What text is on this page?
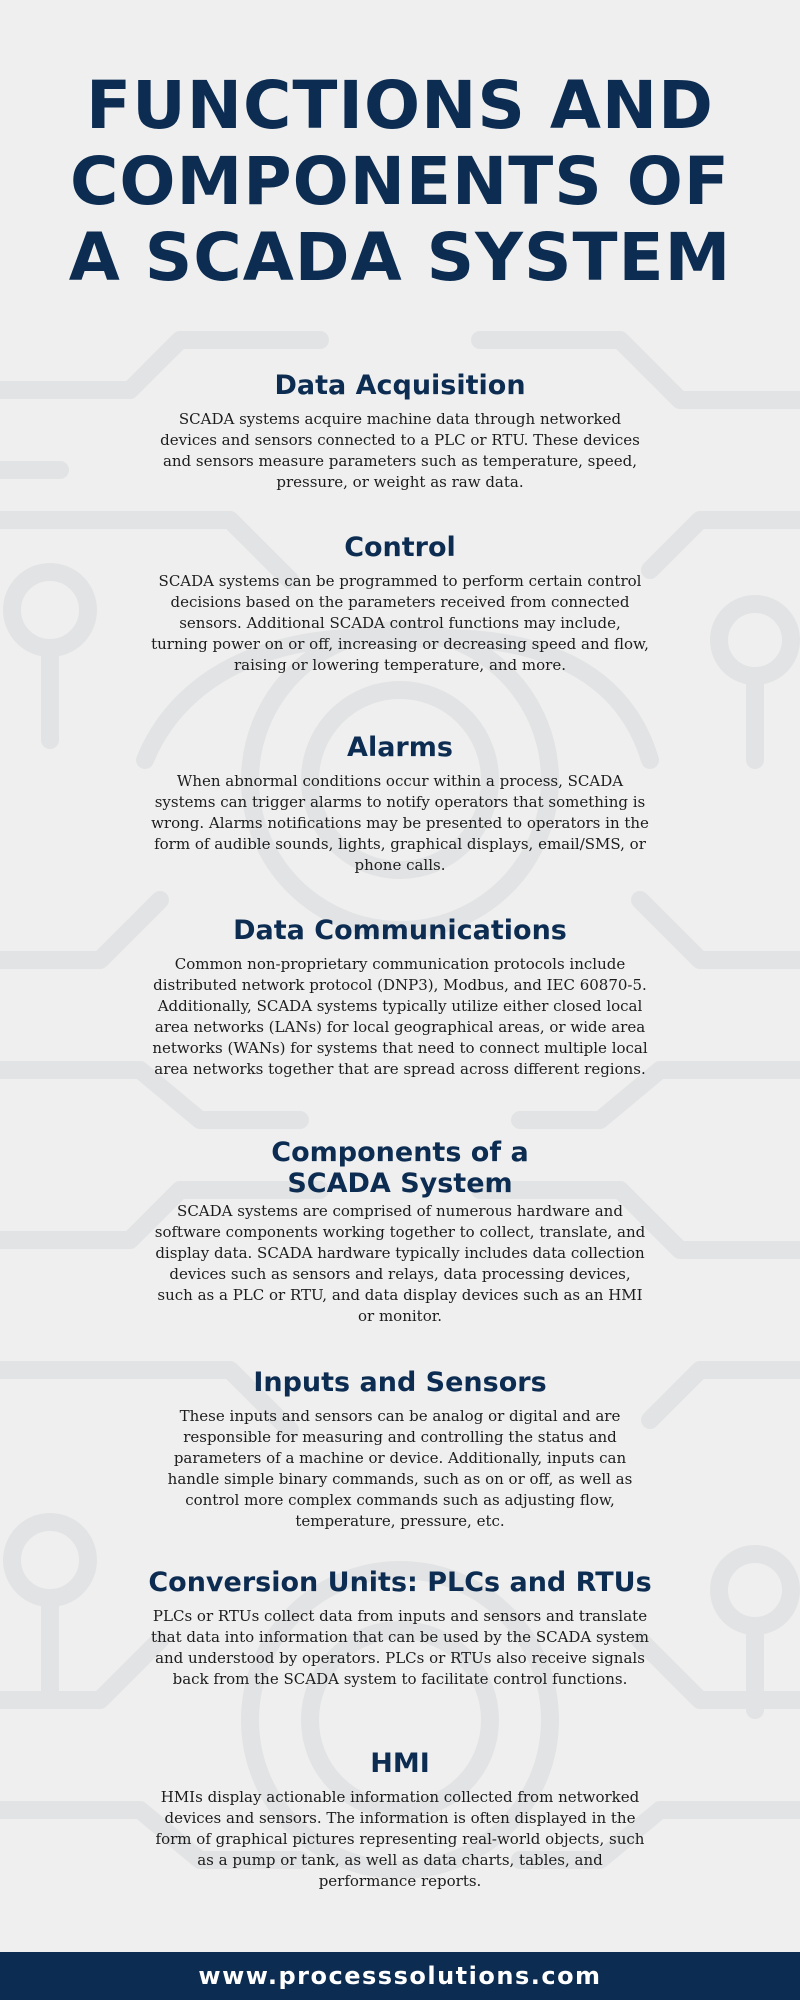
FUNCTIONS AND COMPONENTS OF A SCADA SYSTEM
Data Acquisition

SCADA systems acquire machine data through networked devices and sensors connected to a PLC or RTU. These devices and sensors measure parameters such as temperature, speed, pressure, or weight as raw data.

Control

SCADA systems can be programmed to perform certain control decisions based on the parameters received from connected sensors. Additional SCADA control functions may include, turning power on or off, increasing or decreasing speed and flow, raising or lowering temperature, and more.

Alarms

When abnormal conditions occur within a process, SCADA systems can trigger alarms to notify operators that something is wrong. Alarms notifications may be presented to operators in the form of audible sounds, lights, graphical displays, email/SMS, or phone calls.

Data Communications

Common non-proprietary communication protocols include distributed network protocol (DNP3), Modbus, and IEC 60870-5. Additionally, SCADA systems typically utilize either closed local area networks (LANs) for local geographical areas, or wide area networks (WANs) for systems that need to connect multiple local area networks together that are spread across different regions.

Components of a SCADA System

SCADA systems are comprised of numerous hardware and software components working together to collect, translate, and display data. SCADA hardware typically includes data collection devices such as sensors and relays, data processing devices, such as a PLC or RTU, and data display devices such as an HMI or monitor.

Inputs and Sensors

These inputs and sensors can be analog or digital and are responsible for measuring and controlling the status and parameters of a machine or device. Additionally, inputs can handle simple binary commands, such as on or off, as well as control more complex commands such as adjusting flow, temperature, pressure, etc.

Conversion Units: PLCs and RTUs

PLCs or RTUs collect data from inputs and sensors and translate that data into information that can be used by the SCADA system and understood by operators. PLCs or RTUs also receive signals back from the SCADA system to facilitate control functions.

HMI

HMIs display actionable information collected from networked devices and sensors. The information is often displayed in the form of graphical pictures representing real-world objects, such as a pump or tank, as well as data charts, tables, and performance reports.

www.processsolutions.com
